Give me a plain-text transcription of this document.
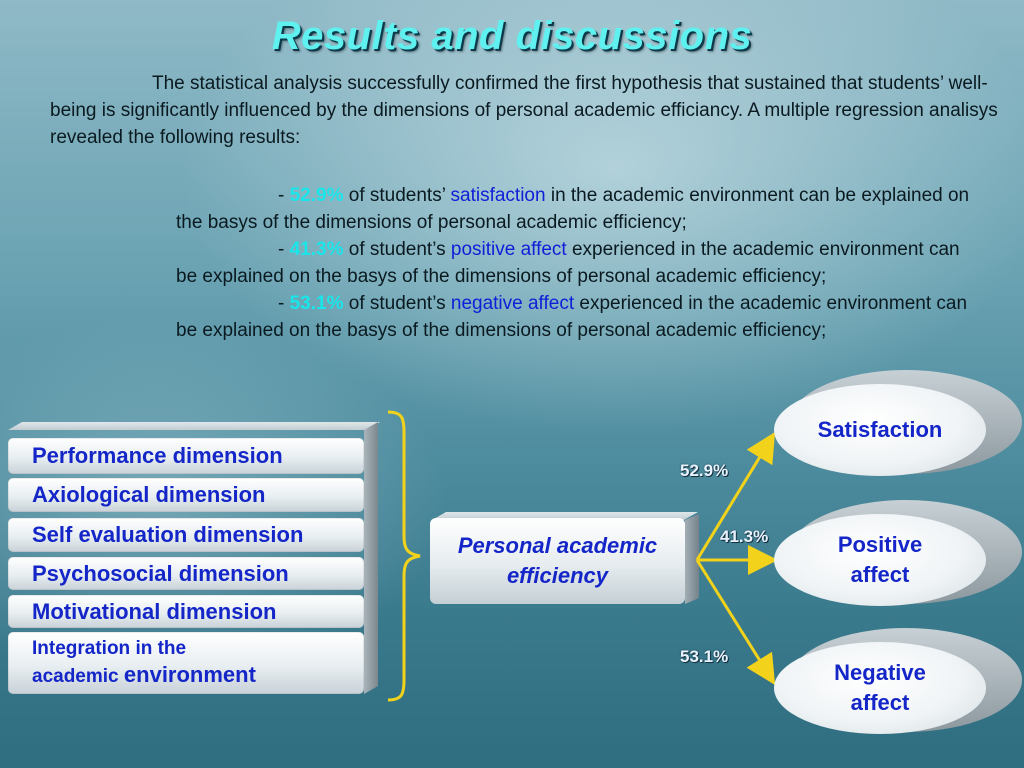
Results and discussions
The statistical analysis successfully confirmed the first hypothesis that sustained that students’ well-being is significantly influenced by the dimensions of personal academic efficiancy. A multiple regression analisys revealed the following results:
- 52.9% of students’ satisfaction in the academic environment can be explained on the basys of the dimensions of personal academic efficiency;
- 41.3% of student’s positive affect experienced in the academic environment can be explained on the basys of the dimensions of personal academic efficiency;
- 53.1% of student’s negative affect experienced in the academic environment can be explained on the basys of the dimensions of personal academic efficiency;
Performance dimension
Axiological dimension
Self evaluation dimension
Psychosocial dimension
Motivational dimension
Integration in the
academic environment
Personal academic
efficiency
52.9%
41.3%
53.1%
Satisfaction
Positive
affect
Negative
affect
